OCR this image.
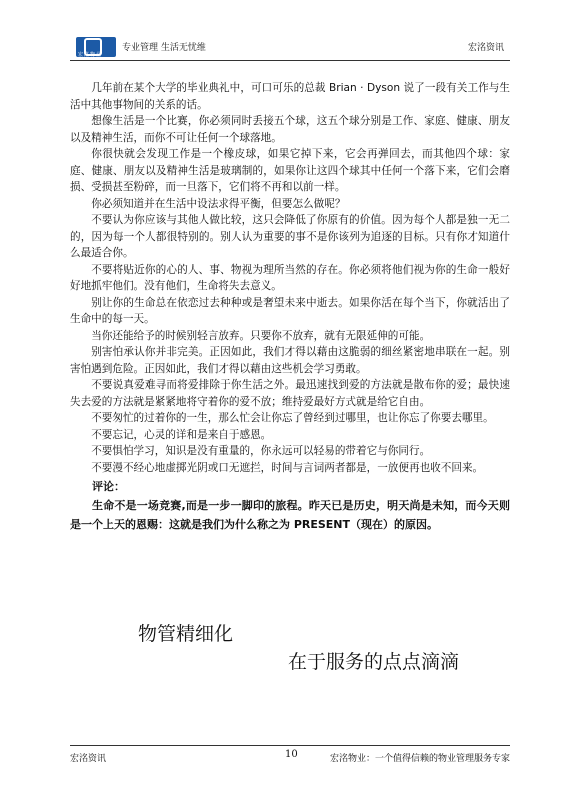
宏洺物业
专业管理 生活无忧维	宏洺资讯

几年前在某个大学的毕业典礼中，可口可乐的总裁 Brian · Dyson 说了一段有关工作与生活中其他事物间的关系的话。

想像生活是一个比赛，你必须同时丢接五个球，这五个球分别是工作、家庭、健康、朋友以及精神生活，而你不可让任何一个球落地。

你很快就会发现工作是一个橡皮球，如果它掉下来，它会再弹回去，而其他四个球：家庭、健康、朋友以及精神生活是玻璃制的，如果你让这四个球其中任何一个落下来，它们会磨损、受损甚至粉碎，而一旦落下，它们将不再和以前一样。

你必须知道并在生活中设法求得平衡，但要怎么做呢？

不要认为你应该与其他人做比较，这只会降低了你原有的价值。因为每个人都是独一无二的，因为每一个人都很特别的。别人认为重要的事不是你该列为追逐的目标。只有你才知道什么最适合你。

不要将贴近你的心的人、事、物视为理所当然的存在。你必须将他们视为你的生命一般好好地抓牢他们。没有他们，生命将失去意义。

别让你的生命总在依恋过去种种或是奢望未来中逝去。如果你活在每个当下，你就活出了生命中的每一天。

当你还能给予的时候别轻言放弃。只要你不放弃，就有无限延伸的可能。

别害怕承认你并非完美。正因如此，我们才得以藉由这脆弱的细丝紧密地串联在一起。别害怕遇到危险。正因如此，我们才得以藉由这些机会学习勇敢。

不要说真爱难寻而将爱排除于你生活之外。最迅速找到爱的方法就是散布你的爱；最快速失去爱的方法就是紧紧地将守着你的爱不放；维持爱最好方式就是给它自由。

不要匆忙的过着你的一生，那么忙会让你忘了曾经到过哪里，也让你忘了你要去哪里。

不要忘记，心灵的详和是来自于感恩。

不要惧怕学习，知识是没有重量的，你永远可以轻易的带着它与你同行。

不要漫不经心地虚掷光阴或口无遮拦，时间与言词两者都是，一放便再也收不回来。

评论：

生命不是一场竞赛,而是一步一脚印的旅程。昨天已是历史，明天尚是未知，而今天则是一个上天的恩赐：这就是我们为什么称之为 PRESENT（现在）的原因。

物管精细化
在于服务的点点滴滴
宏洺资讯	10	宏洺物业：一个值得信赖的物业管理服务专家
